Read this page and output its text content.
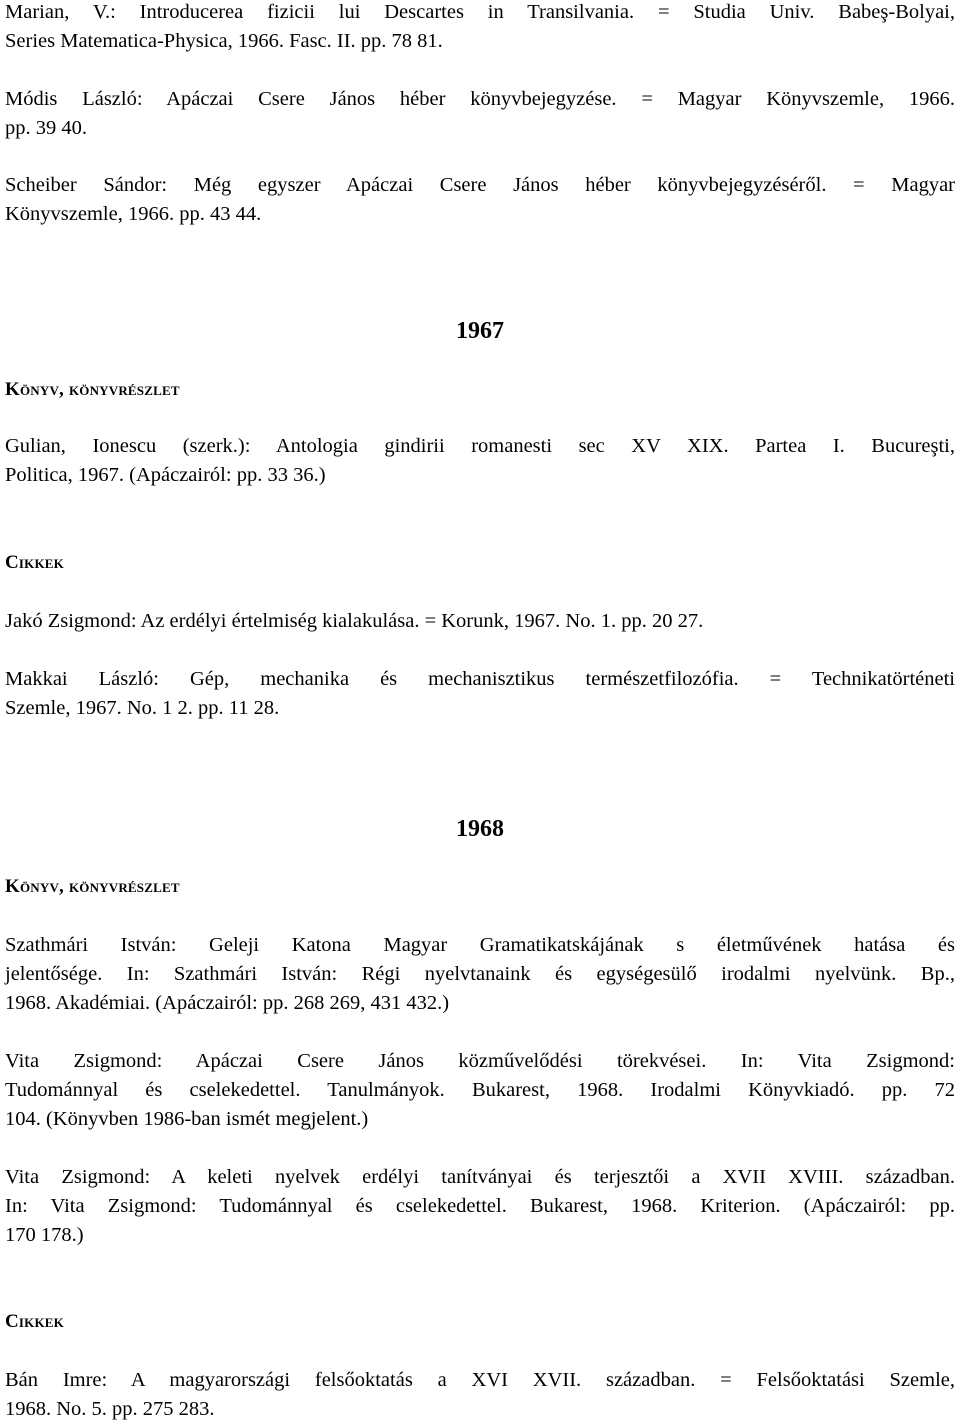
Marian, V.: Introducerea fizicii lui Descartes in Transilvania. = Studia Univ. Babeş-Bolyai,
Series Matematica-Physica, 1966. Fasc. II. pp. 78 81.
Módis László: Apáczai Csere János héber könyvbejegyzése. = Magyar Könyvszemle, 1966.
pp. 39 40.
Scheiber Sándor: Még egyszer Apáczai Csere János héber könyvbejegyzéséről. = Magyar
Könyvszemle, 1966. pp. 43 44.
1967
Könyv, könyvrészlet
Gulian, Ionescu (szerk.): Antologia gindirii romanesti sec XV XIX. Partea I. Bucureşti,
Politica, 1967. (Apáczairól: pp. 33 36.)
Cikkek
Jakó Zsigmond: Az erdélyi értelmiség kialakulása. = Korunk, 1967. No. 1. pp. 20 27.
Makkai László: Gép, mechanika és mechanisztikus természetfilozófia. = Technikatörténeti
Szemle, 1967. No. 1 2. pp. 11 28.
1968
Könyv, könyvrészlet
Szathmári István: Geleji Katona Magyar Gramatikatskájának s életművének hatása és
jelentősége. In: Szathmári István: Régi nyelvtanaink és egységesülő irodalmi nyelvünk. Bp.,
1968. Akadémiai. (Apáczairól: pp. 268 269, 431 432.)
Vita Zsigmond: Apáczai Csere János közművelődési törekvései. In: Vita Zsigmond:
Tudománnyal és cselekedettel. Tanulmányok. Bukarest, 1968. Irodalmi Könyvkiadó. pp. 72
104. (Könyvben 1986-ban ismét megjelent.)
Vita Zsigmond: A keleti nyelvek erdélyi tanítványai és terjesztői a XVII XVIII. században.
In: Vita Zsigmond: Tudománnyal és cselekedettel. Bukarest, 1968. Kriterion. (Apáczairól: pp.
170 178.)
Cikkek
Bán Imre: A magyarországi felsőoktatás a XVI XVII. században. = Felsőoktatási Szemle,
1968. No. 5. pp. 275 283.
